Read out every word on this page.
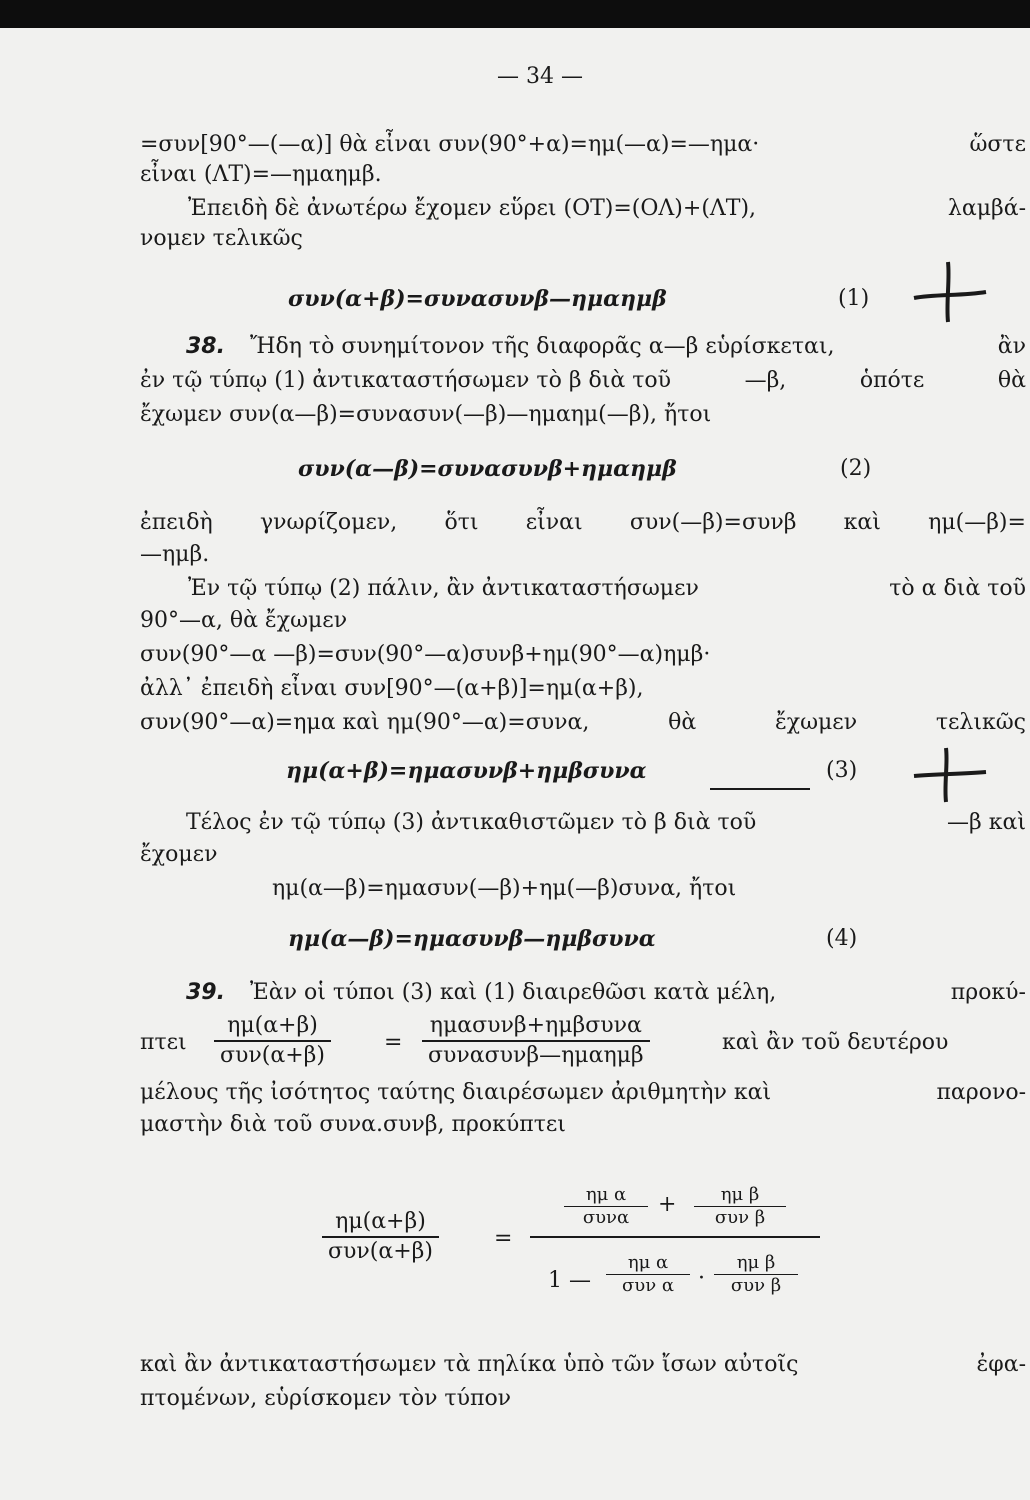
— 34 —
=συν[90°—(—α)] θὰ εἶναι συν(90°+α)=ημ(—α)=—ημα·	ὥστε
εἶναι (ΛΤ)=—ημαημβ.
Ἐπειδὴ δὲ ἀνωτέρω ἔχομεν εὕρει (ΟΤ)=(ΟΛ)+(ΛΤ),	λαμβά-
νομεν τελικῶς
συν(α+β)=συνασυνβ—ημαημβ	(1)
38. Ἤδη τὸ συνημίτονον τῆς διαφορᾶς α—β εὑρίσκεται,	ἂν
ἐν τῷ τύπῳ (1) ἀντικαταστήσωμεν τὸ β διὰ τοῦ	—β,	ὁπότε	θὰ
ἔχωμεν συν(α—β)=συνασυν(—β)—ημαημ(—β), ἤτοι
συν(α—β)=συνασυνβ+ημαημβ	(2)
ἐπειδὴ γνωρίζομεν, ὅτι εἶναι συν(—β)=συνβ καὶ ημ(—β)=
—ημβ.
Ἐν τῷ τύπῳ (2) πάλιν, ἂν ἀντικαταστήσωμεν	τὸ α διὰ τοῦ
90°—α, θὰ ἔχωμεν
συν(90°—α —β)=συν(90°—α)συνβ+ημ(90°—α)ημβ·
ἀλλ᾿ ἐπειδὴ εἶναι συν[90°—(α+β)]=ημ(α+β),
συν(90°—α)=ημα καὶ ημ(90°—α)=συνα,	θὰ	ἔχωμεν	τελικῶς
ημ(α+β)=ημασυνβ+ημβσυνα	(3)
Τέλος ἐν τῷ τύπῳ (3) ἀντικαθιστῶμεν τὸ β διὰ τοῦ	—β καὶ
ἔχομεν
ημ(α—β)=ημασυν(—β)+ημ(—β)συνα, ἤτοι
ημ(α—β)=ημασυνβ—ημβσυνα	(4)
39. Ἐὰν οἱ τύποι (3) καὶ (1) διαιρεθῶσι κατὰ μέλη,	προκύ-
πτει
ημ(α+β)
συν(α+β)
=
ημασυνβ+ημβσυνα
συνασυνβ—ημαημβ
καὶ ἂν τοῦ δευτέρου
μέλους τῆς ἰσότητος ταύτης διαιρέσωμεν ἀριθμητὴν καὶ	παρονο-
μαστὴν διὰ τοῦ συνα.συνβ, προκύπτει
ημ(α+β)
συν(α+β)
=
ημ α
συνα
+	ημ β
συν β
1 —
ημ α
συν α	·
ημ β
συν β
καὶ ἂν ἀντικαταστήσωμεν τὰ πηλίκα ὑπὸ τῶν ἴσων αὐτοῖς	ἐφα-
πτομένων, εὑρίσκομεν τὸν τύπον
